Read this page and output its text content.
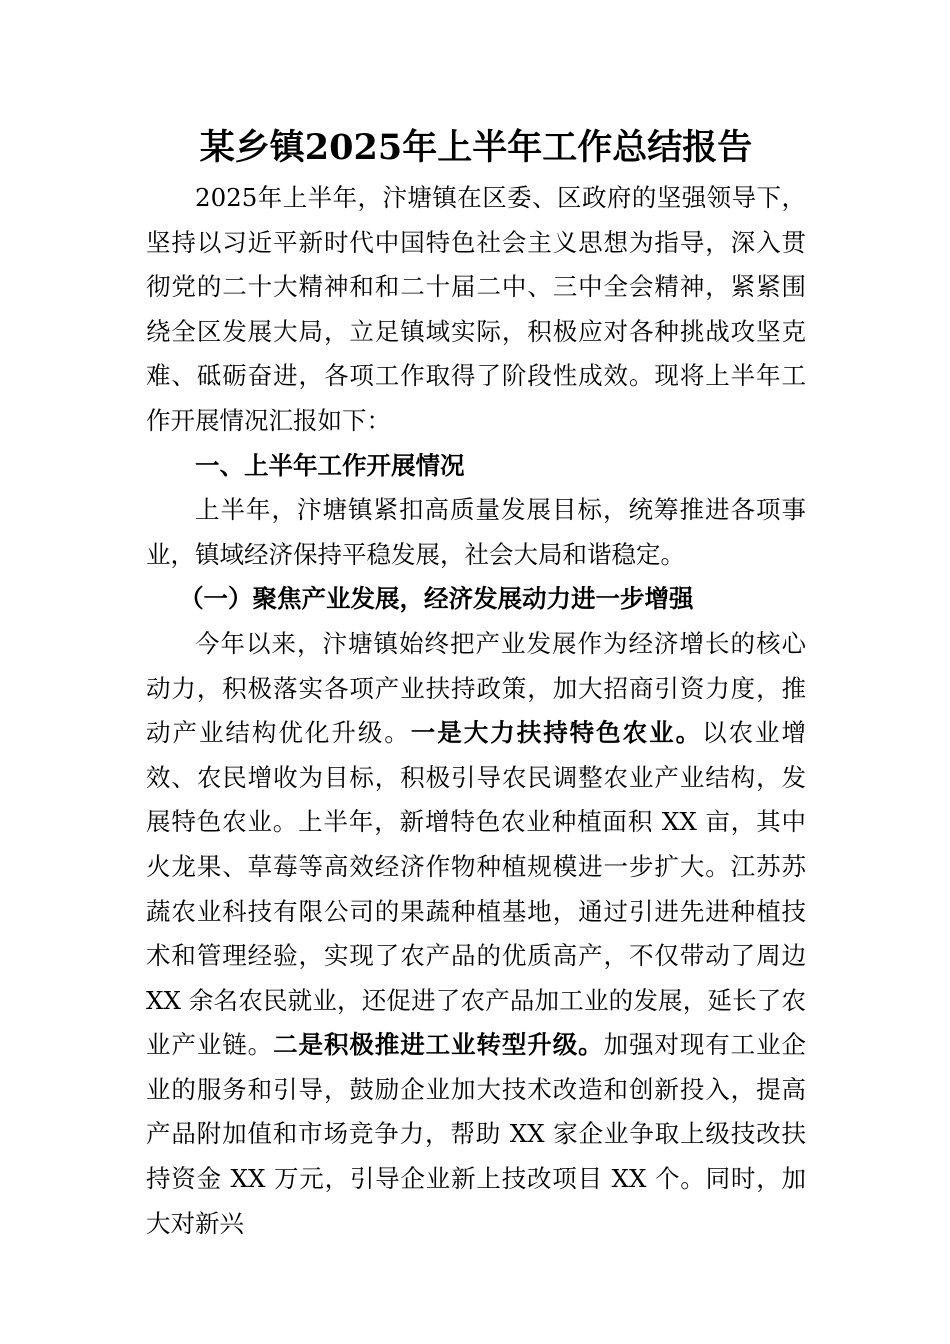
某乡镇2025年上半年工作总结报告

2025年上半年，汴塘镇在区委、区政府的坚强领导下，坚持以习近平新时代中国特色社会主义思想为指导，深入贯彻党的二十大精神和和二十届二中、三中全会精神，紧紧围绕全区发展大局，立足镇域实际，积极应对各种挑战攻坚克难、砥砺奋进，各项工作取得了阶段性成效。现将上半年工作开展情况汇报如下：

一、上半年工作开展情况

上半年，汴塘镇紧扣高质量发展目标，统筹推进各项事业，镇域经济保持平稳发展，社会大局和谐稳定。

（一）聚焦产业发展，经济发展动力进一步增强

今年以来，汴塘镇始终把产业发展作为经济增长的核心动力，积极落实各项产业扶持政策，加大招商引资力度，推动产业结构优化升级。一是大力扶持特色农业。以农业增效、农民增收为目标，积极引导农民调整农业产业结构，发展特色农业。上半年，新增特色农业种植面积 XX 亩，其中火龙果、草莓等高效经济作物种植规模进一步扩大。江苏苏蔬农业科技有限公司的果蔬种植基地，通过引进先进种植技术和管理经验，实现了农产品的优质高产，不仅带动了周边 XX 余名农民就业，还促进了农产品加工业的发展，延长了农业产业链。二是积极推进工业转型升级。加强对现有工业企业的服务和引导，鼓励企业加大技术改造和创新投入，提高产品附加值和市场竞争力，帮助 XX 家企业争取上级技改扶持资金 XX 万元，引导企业新上技改项目 XX 个。同时，加大对新兴
